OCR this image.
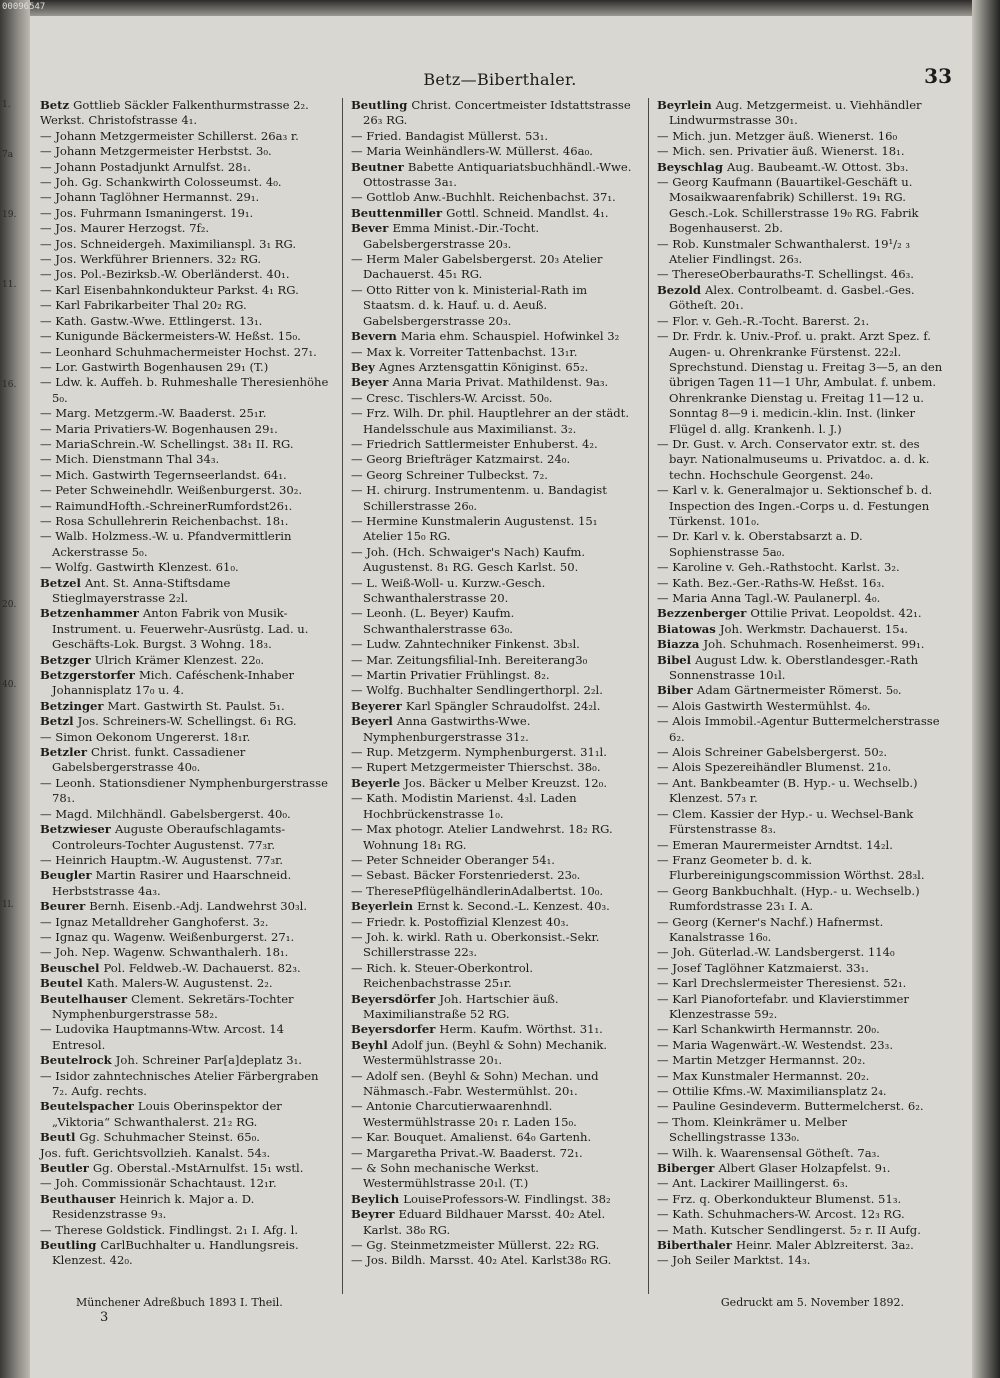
00096547
Betz—Biberthaler.	33
Betz Gottlieb Säckler Falkenthurmstrasse 2₂.
Werkst. Christofstrasse 4₁.
— Johann Metzgermeister Schillerst. 26a₃ r.
— Johann Metzgermeister Herbstst. 3₀.
— Johann Postadjunkt Arnulfst. 28₁.
— Joh. Gg. Schankwirth Colosseumst. 4₀.
— Johann Taglöhner Hermannst. 29₁.
— Jos. Fuhrmann Ismaningerst. 19₁.
— Jos. Maurer Herzogst. 7f₂.
— Jos. Schneidergeh. Maximilianspl. 3₁ RG.
— Jos. Werkführer Brienners. 32₂ RG.
— Jos. Pol.-Bezirksb.-W. Oberländerst. 40₁.
— Karl Eisenbahnkondukteur Parkst. 4₁ RG.
— Karl Fabrikarbeiter Thal 20₂ RG.
— Kath. Gastw.-Wwe. Ettlingerst. 13₁.
— Kunigunde Bäckermeisters-W. Heßst. 15₀.
— Leonhard Schuhmachermeister Hochst. 27₁.
— Lor. Gastwirth Bogenhausen 29₁ (T.)
— Ldw. k. Auffeh. b. Ruhmeshalle Theresienhöhe 5₀.
— Marg. Metzgerm.-W. Baaderst. 25₁r.
— Maria Privatiers-W. Bogenhausen 29₁.
— MariaSchrein.-W. Schellingst. 38₁ II. RG.
— Mich. Dienstmann Thal 34₃.
— Mich. Gastwirth Tegernseerlandst. 64₁.
— Peter Schweinehdlr. Weißenburgerst. 30₂.
— RaimundHofth.-SchreinerRumfordst26₁.
— Rosa Schullehrerin Reichenbachst. 18₁.
— Walb. Holzmess.-W. u. Pfandvermittlerin Ackerstrasse 5₀.
— Wolfg. Gastwirth Klenzest. 61₀.
Betzel Ant. St. Anna-Stiftsdame Stieglmayerstrasse 2₂l.
Betzenhammer Anton Fabrik von Musik-Instrument. u. Feuerwehr-Ausrüstg. Lad. u. Geschäfts-Lok. Burgst. 3 Wohng. 18₃.
Betzger Ulrich Krämer Klenzest. 22₀.
Betzgerstorfer Mich. Caféschenk-Inhaber Johannisplatz 17₀ u. 4.
Betzinger Mart. Gastwirth St. Paulst. 5₁.
Betzl Jos. Schreiners-W. Schellingst. 6₁ RG.
— Simon Oekonom Ungererst. 18₁r.
Betzler Christ. funkt. Cassadiener Gabelsbergerstrasse 40₀.
— Leonh. Stationsdiener Nymphenburgerstrasse 78₁.
— Magd. Milchhändl. Gabelsbergerst. 40₀.
Betzwieser Auguste Oberaufschlagamts-Controleurs-Tochter Augustenst. 77₃r.
— Heinrich Hauptm.-W. Augustenst. 77₃r.
Beugler Martin Rasirer und Haarschneid. Herbststrasse 4a₃.
Beurer Bernh. Eisenb.-Adj. Landwehrst 30₃l.
— Ignaz Metalldreher Ganghoferst. 3₂.
— Ignaz qu. Wagenw. Weißenburgerst. 27₁.
— Joh. Nep. Wagenw. Schwanthalerh. 18₁.
Beuschel Pol. Feldweb.-W. Dachauerst. 82₃.
Beutel Kath. Malers-W. Augustenst. 2₂.
Beutelhauser Clement. Sekretärs-Tochter Nymphenburgerstrasse 58₂.
— Ludovika Hauptmanns-Wtw. Arcost. 14 Entresol.
Beutelrock Joh. Schreiner Par[a]deplatz 3₁.
— Isidor zahntechnisches Atelier Färbergraben 7₂. Aufg. rechts.
Beutelspacher Louis Oberinspektor der „Viktoria“ Schwanthalerst. 21₂ RG.
Beutl Gg. Schuhmacher Steinst. 65₀.
Jos. fuft. Gerichtsvollzieh. Kanalst. 54₃.
Beutler Gg. Oberstal.-MstArnulfst. 15₁ wstl.
— Joh. Commissionär Schachtaust. 12₁r.
Beuthauser Heinrich k. Major a. D. Residenzstrasse 9₃.
— Therese Goldstick. Findlingst. 2₁ I. Afg. l.
Beutling CarlBuchhalter u. Handlungsreis. Klenzest. 42₀.
Beutling Christ. Concertmeister Idstattstrasse 26₃ RG.
— Fried. Bandagist Müllerst. 53₁.
— Maria Weinhändlers-W. Müllerst. 46a₀.
Beutner Babette Antiquariatsbuchhändl.-Wwe. Ottostrasse 3a₁.
— Gottlob Anw.-Buchhlt. Reichenbachst. 37₁.
Beuttenmiller Gottl. Schneid. Mandlst. 4₁.
Bever Emma Minist.-Dir.-Tocht. Gabelsbergerstrasse 20₃.
— Herm Maler Gabelsbergerst. 20₃ Atelier Dachauerst. 45₁ RG.
— Otto Ritter von k. Ministerial-Rath im Staatsm. d. k. Hauf. u. d. Aeuß. Gabelsbergerstrasse 20₃.
Bevern Maria ehm. Schauspiel. Hofwinkel 3₂
— Max k. Vorreiter Tattenbachst. 13₁r.
Bey Agnes Arztensgattin Königinst. 65₂.
Beyer Anna Maria Privat. Mathildenst. 9a₃.
— Cresc. Tischlers-W. Arcisst. 50₀.
— Frz. Wilh. Dr. phil. Hauptlehrer an der städt. Handelsschule aus Maximilianst. 3₂.
— Friedrich Sattlermeister Enhuberst. 4₂.
— Georg Briefträger Katzmairst. 24₀.
— Georg Schreiner Tulbeckst. 7₂.
— H. chirurg. Instrumentenm. u. Bandagist Schillerstrasse 26₀.
— Hermine Kunstmalerin Augustenst. 15₁ Atelier 15₀ RG.
— Joh. (Hch. Schwaiger's Nach) Kaufm. Augustenst. 8₁ RG. Gesch Karlst. 50.
— L. Weiß-Woll- u. Kurzw.-Gesch. Schwanthalerstrasse 20.
— Leonh. (L. Beyer) Kaufm. Schwanthalerstrasse 63₀.
— Ludw. Zahntechniker Finkenst. 3b₃l.
— Mar. Zeitungsfilial-Inh. Bereiterang3₀
— Martin Privatier Frühlingst. 8₂.
— Wolfg. Buchhalter Sendlingerthorpl. 2₂l.
Beyerer Karl Spängler Schraudolfst. 24₂l.
Beyerl Anna Gastwirths-Wwe. Nymphenburgerstrasse 31₂.
— Rup. Metzgerm. Nymphenburgerst. 31₁l.
— Rupert Metzgermeister Thierschst. 38₀.
Beyerle Jos. Bäcker u Melber Kreuzst. 12₀.
— Kath. Modistin Marienst. 4₃l. Laden Hochbrückenstrasse 1₀.
— Max photogr. Atelier Landwehrst. 18₂ RG. Wohnung 18₁ RG.
— Peter Schneider Oberanger 54₁.
— Sebast. Bäcker Forstenriederst. 23₀.
— TheresePflügelhändlerinAdalbertst. 10₀.
Beyerlein Ernst k. Second.-L. Kenzest. 40₃.
— Friedr. k. Postoffizial Klenzest 40₃.
— Joh. k. wirkl. Rath u. Oberkonsist.-Sekr. Schillerstrasse 22₃.
— Rich. k. Steuer-Oberkontrol. Reichenbachstrasse 25₁r.
Beyersdörfer Joh. Hartschier äuß. Maximilianstraße 52 RG.
Beyersdorfer Herm. Kaufm. Wörthst. 31₁.
Beyhl Adolf jun. (Beyhl & Sohn) Mechanik. Westermühlstrasse 20₁.
— Adolf sen. (Beyhl & Sohn) Mechan. und Nähmasch.-Fabr. Westermühlst. 20₁.
— Antonie Charcutierwaarenhndl. Westermühlstrasse 20₁ r. Laden 15₀.
— Kar. Bouquet. Amalienst. 64₀ Gartenh.
— Margaretha Privat.-W. Baaderst. 72₁.
— & Sohn mechanische Werkst. Westermühlstrasse 20₁l. (T.)
Beylich LouiseProfessors-W. Findlingst. 38₂
Beyrer Eduard Bildhauer Marsst. 40₂ Atel. Karlst. 38₀ RG.
— Gg. Steinmetzmeister Müllerst. 22₂ RG.
— Jos. Bildh. Marsst. 40₂ Atel. Karlst38₀ RG.
Beyrlein Aug. Metzgermeist. u. Viehhändler Lindwurmstrasse 30₁.
— Mich. jun. Metzger äuß. Wienerst. 16₀
— Mich. sen. Privatier äuß. Wienerst. 18₁.
Beyschlag Aug. Baubeamt.-W. Ottost. 3b₃.
— Georg Kaufmann (Bauartikel-Geschäft u. Mosaikwaarenfabrik) Schillerst. 19₁ RG. Gesch.-Lok. Schillerstrasse 19₀ RG. Fabrik Bogenhauserst. 2b.
— Rob. Kunstmaler Schwanthalerst. 19¹/₂ ₃ Atelier Findlingst. 26₃.
— TheresеOberbauraths-T. Schellingst. 46₃.
Bezold Alex. Controlbeamt. d. Gasbel.-Ges. Götheſt. 20₁.
— Flor. v. Geh.-R.-Tocht. Barerst. 2₁.
— Dr. Frdr. k. Univ.-Prof. u. prakt. Arzt Spez. f. Augen- u. Ohrenkranke Fürstenst. 22₂l. Sprechstund. Dienstag u. Freitag 3—5, an den übrigen Tagen 11—1 Uhr, Ambulat. f. unbem. Ohrenkranke Dienstag u. Freitag 11—12 u. Sonntag 8—9 i. medicin.-klin. Inst. (linker Flügel d. allg. Krankenh. l. J.)
— Dr. Gust. v. Arch. Conservator extr. st. des bayr. Nationalmuseums u. Privatdoc. a. d. k. techn. Hochschule Georgenst. 24₀.
— Karl v. k. Generalmajor u. Sektionschef b. d. Inspection des Ingen.-Corps u. d. Festungen Türkenst. 101₀.
— Dr. Karl v. k. Oberstabsarzt a. D. Sophienstrasse 5a₀.
— Karoline v. Geh.-Rathstocht. Karlst. 3₂.
— Kath. Bez.-Ger.-Raths-W. Heßst. 16₃.
— Maria Anna Tagl.-W. Paulanerpl. 4₀.
Bezzenberger Ottilie Privat. Leopoldst. 42₁.
Biatowas Joh. Werkmstr. Dachauerst. 15₄.
Biazza Joh. Schuhmach. Rosenheimerst. 99₁.
Bibel August Ldw. k. Oberstlandesger.-Rath Sonnenstrasse 10₁l.
Biber Adam Gärtnermeister Römerst. 5₀.
— Alois Gastwirth Westermühlst. 4₀.
— Alois Immobil.-Agentur Buttermelcherstrasse 6₂.
— Alois Schreiner Gabelsbergerst. 50₂.
— Alois Spezereihändler Blumenst. 21₀.
— Ant. Bankbeamter (B. Hyp.- u. Wechselb.) Klenzest. 57₃ r.
— Clem. Kassier der Hyp.- u. Wechsel-Bank Fürstenstrasse 8₃.
— Emeran Maurermeister Arndtst. 14₂l.
— Franz Geometer b. d. k. Flurbereinigungscommission Wörthst. 28₃l.
— Georg Bankbuchhalt. (Hyp.- u. Wechselb.) Rumfordstrasse 23₁ I. A.
— Georg (Kerner's Nachf.) Hafnermst. Kanalstrasse 16₀.
— Joh. Güterlad.-W. Landsbergerst. 114₀
— Josef Taglöhner Katzmaierst. 33₁.
— Karl Drechslermeister Theresienst. 52₁.
— Karl Pianofortefabr. und Klavierstimmer Klenzestrasse 59₂.
— Karl Schankwirth Hermannstr. 20₀.
— Maria Wagenwärt.-W. Westendst. 23₃.
— Martin Metzger Hermannst. 20₂.
— Max Kunstmaler Hermannst. 20₂.
— Ottilie Kfms.-W. Maximiliansplatz 2₄.
— Pauline Gesindeverm. Buttermelcherst. 6₂.
— Thom. Kleinkrämer u. Melber Schellingstrasse 133₀.
— Wilh. k. Waarensensal Götheſt. 7a₃.
Biberger Albert Glaser Holzapfelst. 9₁.
— Ant. Lackirer Maillingerst. 6₃.
— Frz. q. Oberkondukteur Blumenst. 51₃.
— Kath. Schuhmachers-W. Arcost. 12₃ RG.
— Math. Kutscher Sendlingerst. 5₂ r. II Aufg.
Biberthaler Heinr. Maler Ablzreiterst. 3a₂.
— Joh Seiler Marktst. 14₃.
Münchener Adreßbuch 1893 I. Theil.
3
Gedruckt am 5. November 1892.
1.
7a
19.
11.
16.
20.
40.
1l.
